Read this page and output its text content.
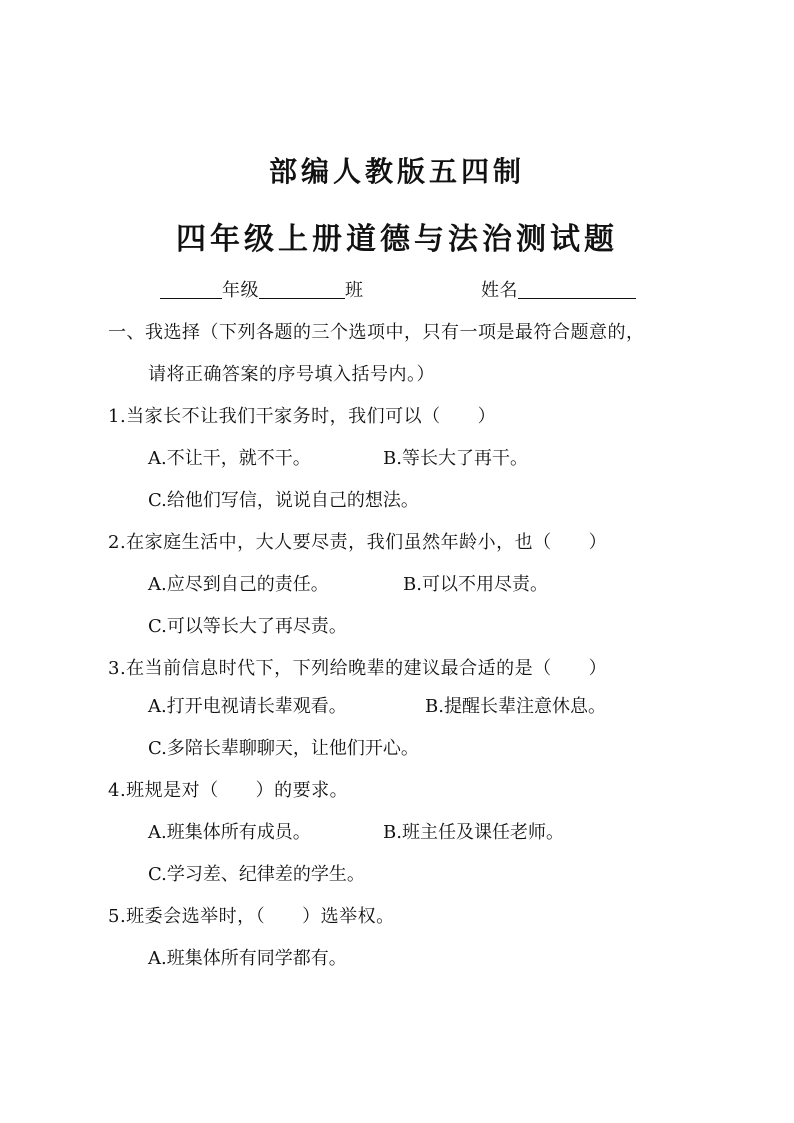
部编人教版五四制
四年级上册道德与法治测试题
年级	班	姓名
一、我选择（下列各题的三个选项中，只有一项是最符合题意的，
请将正确答案的序号填入括号内。）
1.当家长不让我们干家务时，我们可以（　　）
A.不让干，就不干。	B.等长大了再干。
C.给他们写信，说说自己的想法。
2.在家庭生活中，大人要尽责，我们虽然年龄小，也（　　）
A.应尽到自己的责任。	B.可以不用尽责。
C.可以等长大了再尽责。
3.在当前信息时代下，下列给晚辈的建议最合适的是（　　）
A.打开电视请长辈观看。	B.提醒长辈注意休息。
C.多陪长辈聊聊天，让他们开心。
4.班规是对（　　）的要求。
A.班集体所有成员。	B.班主任及课任老师。
C.学习差、纪律差的学生。
5.班委会选举时，（　　）选举权。
A.班集体所有同学都有。
